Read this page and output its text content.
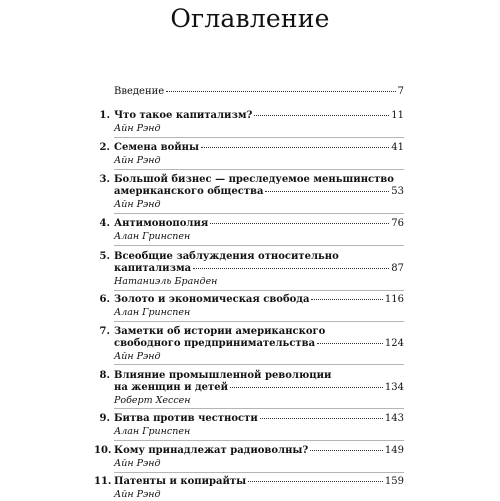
Оглавление
Введение	7
1. Что такое капитализм?	11
Айн Рэнд
2. Семена войны	41
Айн Рэнд
3. Большой бизнес — преследуемое меньшинство
американского общества	53
Айн Рэнд
4. Антимонополия	76
Алан Гринспен
5. Всеобщие заблуждения относительно
капитализма	87
Натаниэль Бранден
6. Золото и экономическая свобода	116
Алан Гринспен
7. Заметки об истории американского
свободного предпринимательства	124
Айн Рэнд
8. Влияние промышленной революции
на женщин и детей	134
Роберт Хессен
9. Битва против честности	143
Алан Гринспен
10. Кому принадлежат радиоволны?	149
Айн Рэнд
11. Патенты и копирайты	159
Айн Рэнд
